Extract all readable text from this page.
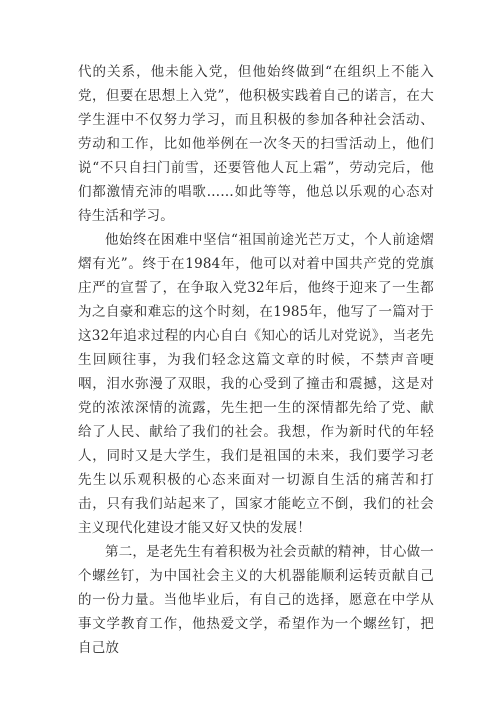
代的关系，他未能入党，但他始终做到“在组织上不能入党，但要在思想上入党”，他积极实践着自己的诺言，在大学生涯中不仅努力学习，而且积极的参加各种社会活动、劳动和工作，比如他举例在一次冬天的扫雪活动上，他们说“不只自扫门前雪，还要管他人瓦上霜”，劳动完后，他们都激情充沛的唱歌……如此等等，他总以乐观的心态对待生活和学习。

他始终在困难中坚信“祖国前途光芒万丈，个人前途熠熠有光”。终于在1984年，他可以对着中国共产党的党旗庄严的宣誓了，在争取入党32年后，他终于迎来了一生都为之自豪和难忘的这个时刻，在1985年，他写了一篇对于这32年追求过程的内心自白《知心的话儿对党说》，当老先生回顾往事，为我们轻念这篇文章的时候，不禁声音哽咽，泪水弥漫了双眼，我的心受到了撞击和震撼，这是对党的浓浓深情的流露，先生把一生的深情都先给了党、献给了人民、献给了我们的社会。我想，作为新时代的年轻人，同时又是大学生，我们是祖国的未来，我们要学习老先生以乐观积极的心态来面对一切源自生活的痛苦和打击，只有我们站起来了，国家才能屹立不倒，我们的社会主义现代化建设才能又好又快的发展！

第二，是老先生有着积极为社会贡献的精神，甘心做一个螺丝钉，为中国社会主义的大机器能顺利运转贡献自己的一份力量。当他毕业后，有自己的选择，愿意在中学从事文学教育工作，他热爱文学，希望作为一个螺丝钉，把自己放
